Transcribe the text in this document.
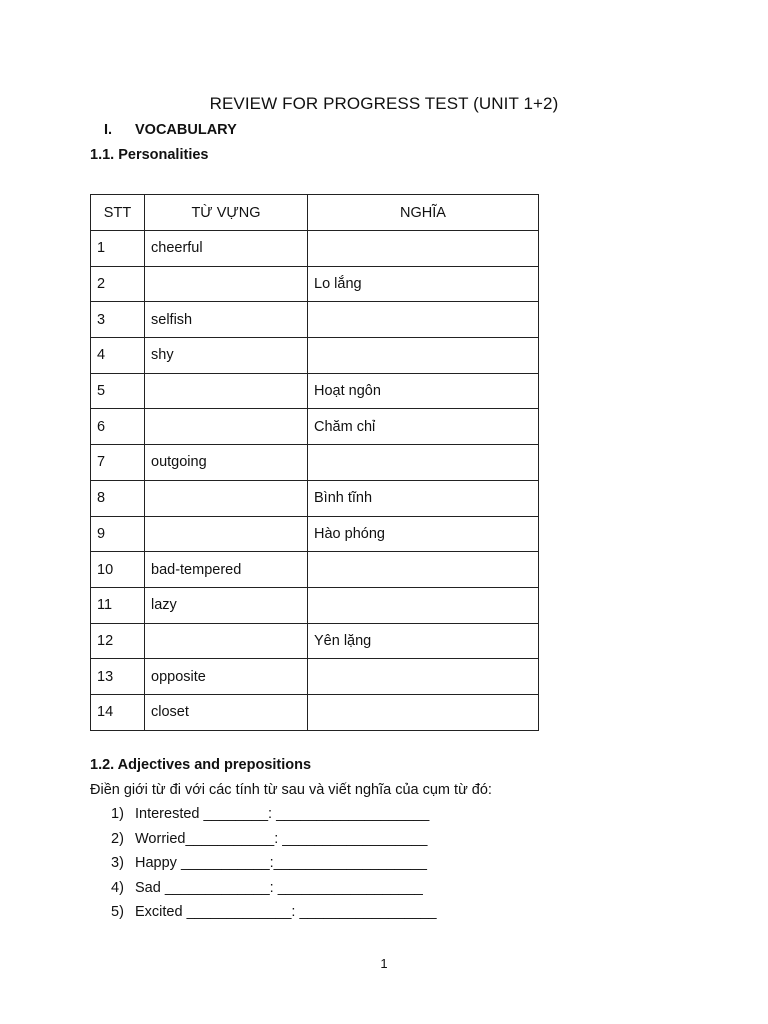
REVIEW FOR PROGRESS TEST (UNIT 1+2)
I. VOCABULARY
1.1. Personalities
STT	TỪ VỰNG	NGHĨA
1	cheerful	
2		Lo lắng
3	selfish	
4	shy	
5		Hoạt ngôn
6		Chăm chỉ
7	outgoing	
8		Bình tĩnh
9		Hào phóng
10	bad-tempered	
11	lazy	
12		Yên lặng
13	opposite	
14	closet	
1.2. Adjectives and prepositions
Điền giới từ đi với các tính từ sau và viết nghĩa của cụm từ đó:
1) Interested ________: ___________________
2) Worried___________: __________________
3) Happy ___________:___________________
4) Sad _____________: __________________
5) Excited _____________: _________________
1
